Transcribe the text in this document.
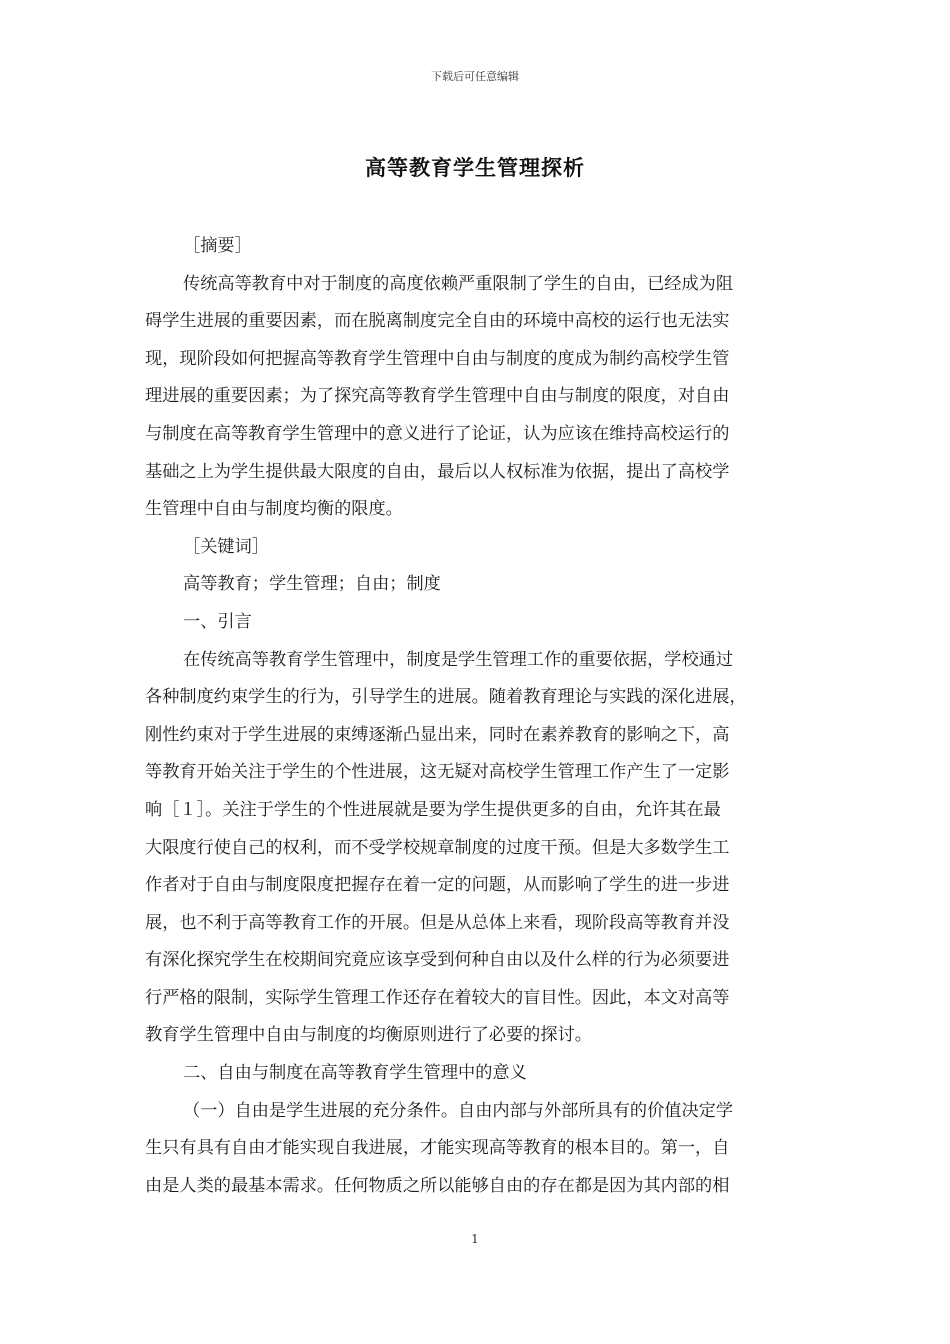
下载后可任意编辑
高等教育学生管理探析
［摘要］
传统高等教育中对于制度的高度依赖严重限制了学生的自由，已经成为阻
碍学生进展的重要因素，而在脱离制度完全自由的环境中高校的运行也无法实
现，现阶段如何把握高等教育学生管理中自由与制度的度成为制约高校学生管
理进展的重要因素；为了探究高等教育学生管理中自由与制度的限度，对自由
与制度在高等教育学生管理中的意义进行了论证，认为应该在维持高校运行的
基础之上为学生提供最大限度的自由，最后以人权标准为依据，提出了高校学
生管理中自由与制度均衡的限度。
［关键词］
高等教育；学生管理；自由；制度
一、引言
在传统高等教育学生管理中，制度是学生管理工作的重要依据，学校通过
各种制度约束学生的行为，引导学生的进展。随着教育理论与实践的深化进展，
刚性约束对于学生进展的束缚逐渐凸显出来，同时在素养教育的影响之下，高
等教育开始关注于学生的个性进展，这无疑对高校学生管理工作产生了一定影
响［１］。关注于学生的个性进展就是要为学生提供更多的自由，允许其在最
大限度行使自己的权利，而不受学校规章制度的过度干预。但是大多数学生工
作者对于自由与制度限度把握存在着一定的问题，从而影响了学生的进一步进
展，也不利于高等教育工作的开展。但是从总体上来看，现阶段高等教育并没
有深化探究学生在校期间究竟应该享受到何种自由以及什么样的行为必须要进
行严格的限制，实际学生管理工作还存在着较大的盲目性。因此，本文对高等
教育学生管理中自由与制度的均衡原则进行了必要的探讨。
二、自由与制度在高等教育学生管理中的意义
（一）自由是学生进展的充分条件。自由内部与外部所具有的价值决定学
生只有具有自由才能实现自我进展，才能实现高等教育的根本目的。第一，自
由是人类的最基本需求。任何物质之所以能够自由的存在都是因为其内部的相
1
